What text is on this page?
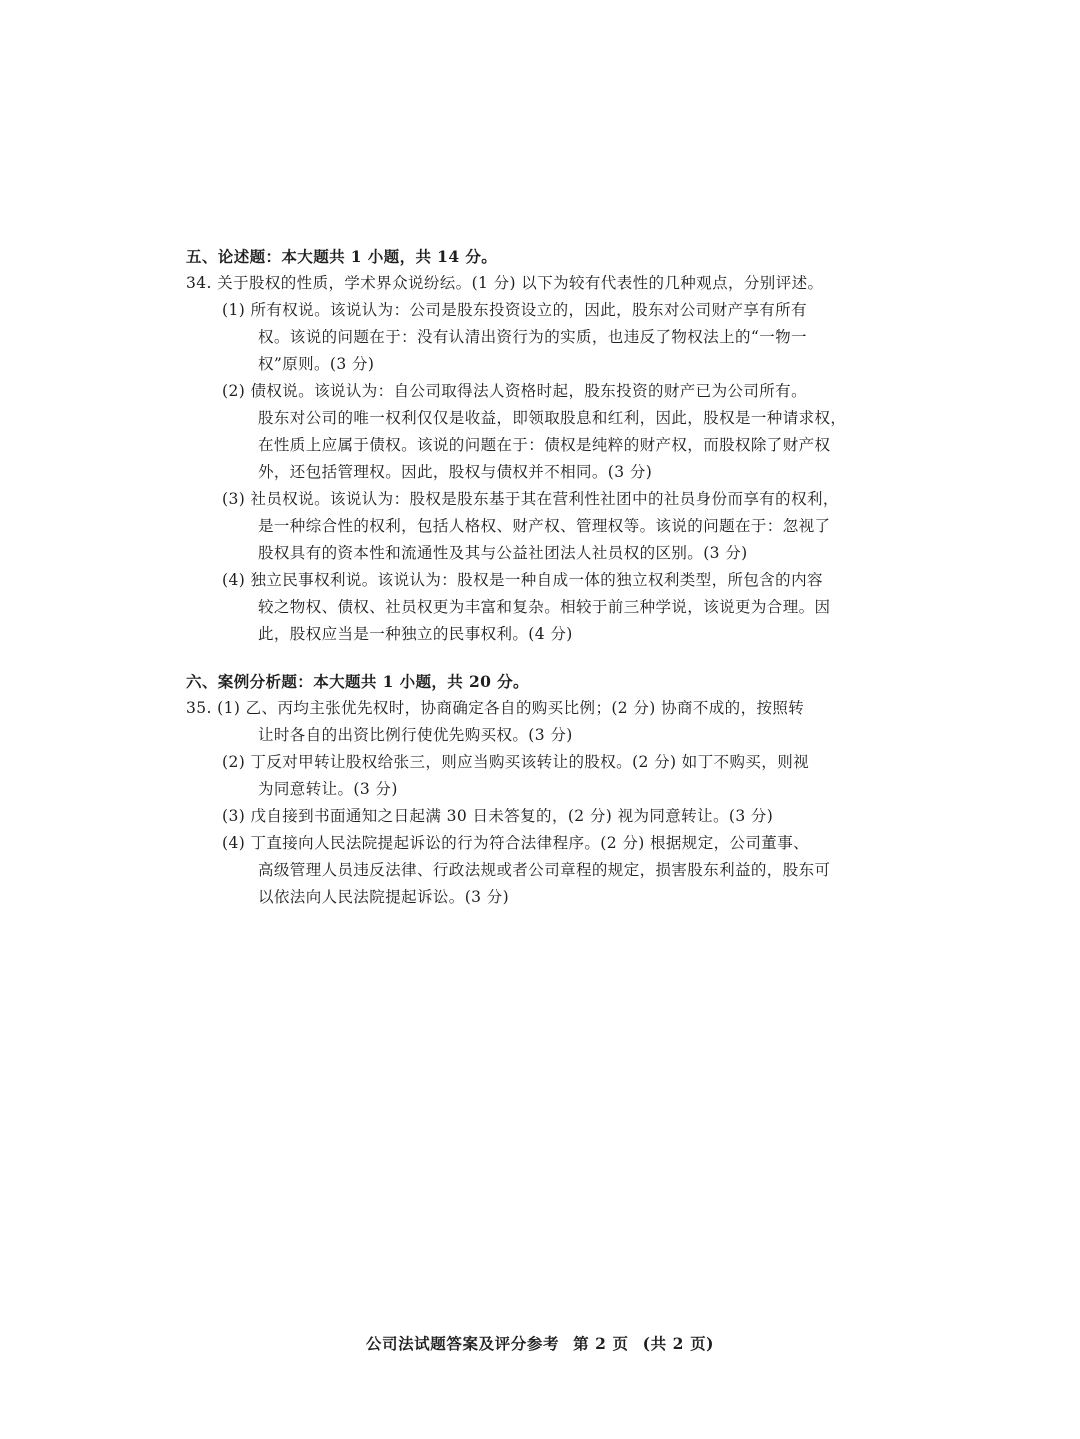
五、论述题：本大题共 1 小题，共 14 分。
34. 关于股权的性质，学术界众说纷纭。(1 分) 以下为较有代表性的几种观点，分别评述。
(1) 所有权说。该说认为：公司是股东投资设立的，因此，股东对公司财产享有所有
权。该说的问题在于：没有认清出资行为的实质，也违反了物权法上的“一物一
权”原则。(3 分)
(2) 债权说。该说认为：自公司取得法人资格时起，股东投资的财产已为公司所有。
股东对公司的唯一权利仅仅是收益，即领取股息和红利，因此，股权是一种请求权，
在性质上应属于债权。该说的问题在于：债权是纯粹的财产权，而股权除了财产权
外，还包括管理权。因此，股权与债权并不相同。(3 分)
(3) 社员权说。该说认为：股权是股东基于其在营利性社团中的社员身份而享有的权利，
是一种综合性的权利，包括人格权、财产权、管理权等。该说的问题在于：忽视了
股权具有的资本性和流通性及其与公益社团法人社员权的区别。(3 分)
(4) 独立民事权利说。该说认为：股权是一种自成一体的独立权利类型，所包含的内容
较之物权、债权、社员权更为丰富和复杂。相较于前三种学说，该说更为合理。因
此，股权应当是一种独立的民事权利。(4 分)
六、案例分析题：本大题共 1 小题，共 20 分。
35. (1) 乙、丙均主张优先权时，协商确定各自的购买比例；(2 分) 协商不成的，按照转
让时各自的出资比例行使优先购买权。(3 分)
(2) 丁反对甲转让股权给张三，则应当购买该转让的股权。(2 分) 如丁不购买，则视
为同意转让。(3 分)
(3) 戊自接到书面通知之日起满 30 日未答复的，(2 分) 视为同意转让。(3 分)
(4) 丁直接向人民法院提起诉讼的行为符合法律程序。(2 分) 根据规定，公司董事、
高级管理人员违反法律、行政法规或者公司章程的规定，损害股东利益的，股东可
以依法向人民法院提起诉讼。(3 分)
公司法试题答案及评分参考 第 2 页 (共 2 页)
